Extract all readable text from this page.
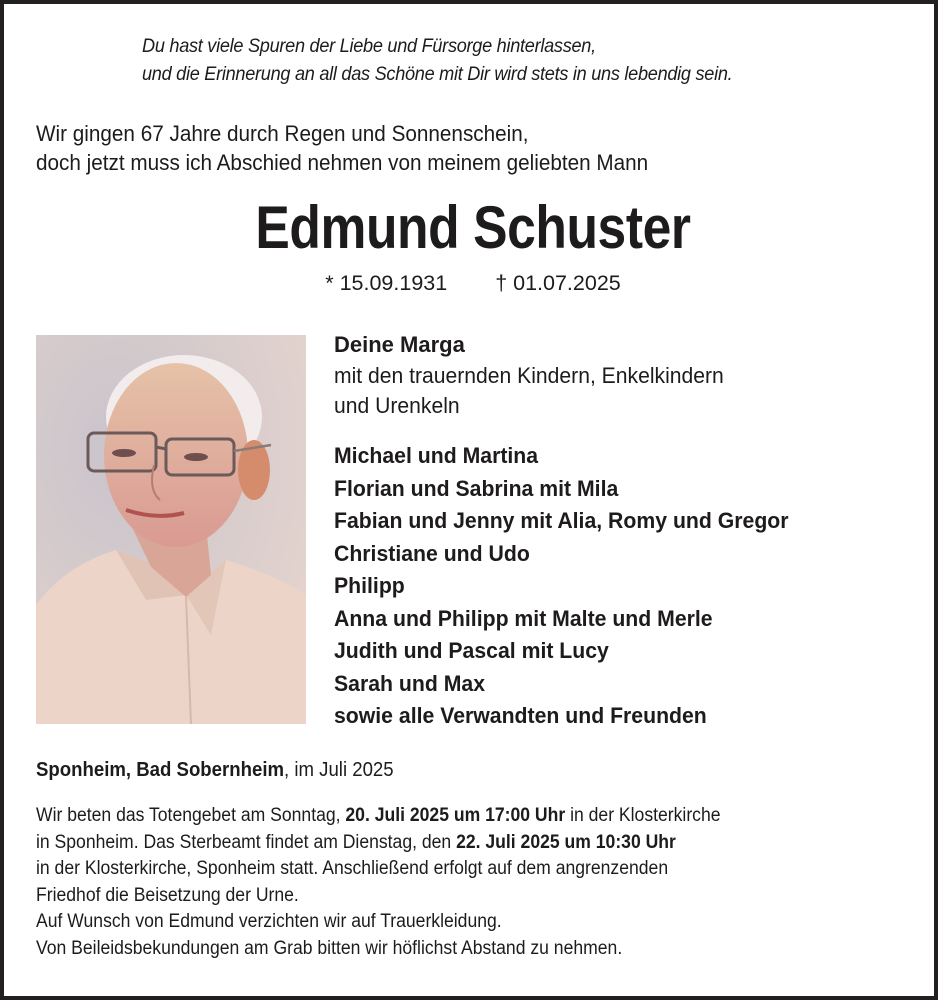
Du hast viele Spuren der Liebe und Fürsorge hinterlassen,
und die Erinnerung an all das Schöne mit Dir wird stets in uns lebendig sein.
Wir gingen 67 Jahre durch Regen und Sonnenschein,
doch jetzt muss ich Abschied nehmen von meinem geliebten Mann
Edmund Schuster
* 15.09.1931 † 01.07.2025
Deine Marga
mit den trauernden Kindern, Enkelkindern
und Urenkeln
Michael und Martina
Florian und Sabrina mit Mila
Fabian und Jenny mit Alia, Romy und Gregor
Christiane und Udo
Philipp
Anna und Philipp mit Malte und Merle
Judith und Pascal mit Lucy
Sarah und Max
sowie alle Verwandten und Freunden
Sponheim, Bad Sobernheim, im Juli 2025

Wir beten das Totengebet am Sonntag, 20. Juli 2025 um 17:00 Uhr in der Klosterkirche
in Sponheim. Das Sterbeamt findet am Dienstag, den 22. Juli 2025 um 10:30 Uhr
in der Klosterkirche, Sponheim statt. Anschließend erfolgt auf dem angrenzenden
Friedhof die Beisetzung der Urne.

Auf Wunsch von Edmund verzichten wir auf Trauerkleidung.

Von Beileidsbekundungen am Grab bitten wir höflichst Abstand zu nehmen.
